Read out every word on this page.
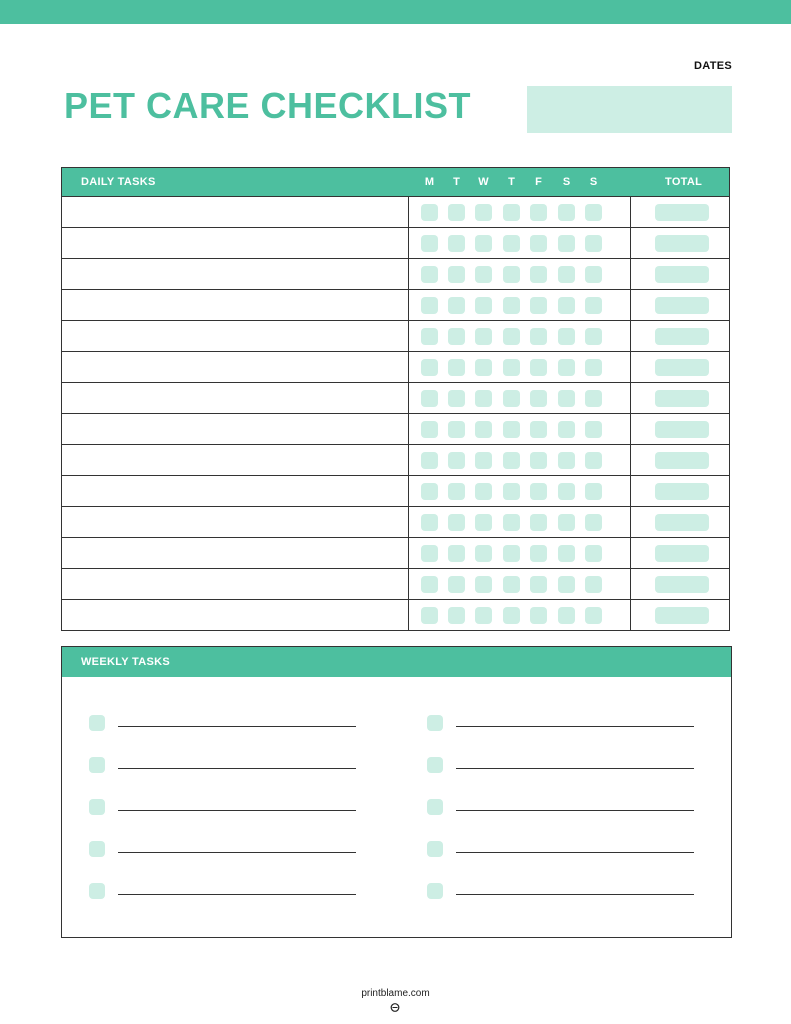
DATES
PET CARE CHECKLIST
DAILY TASKS	M	T	W	T	F	S	S	TOTAL
WEEKLY TASKS
printblame.com
